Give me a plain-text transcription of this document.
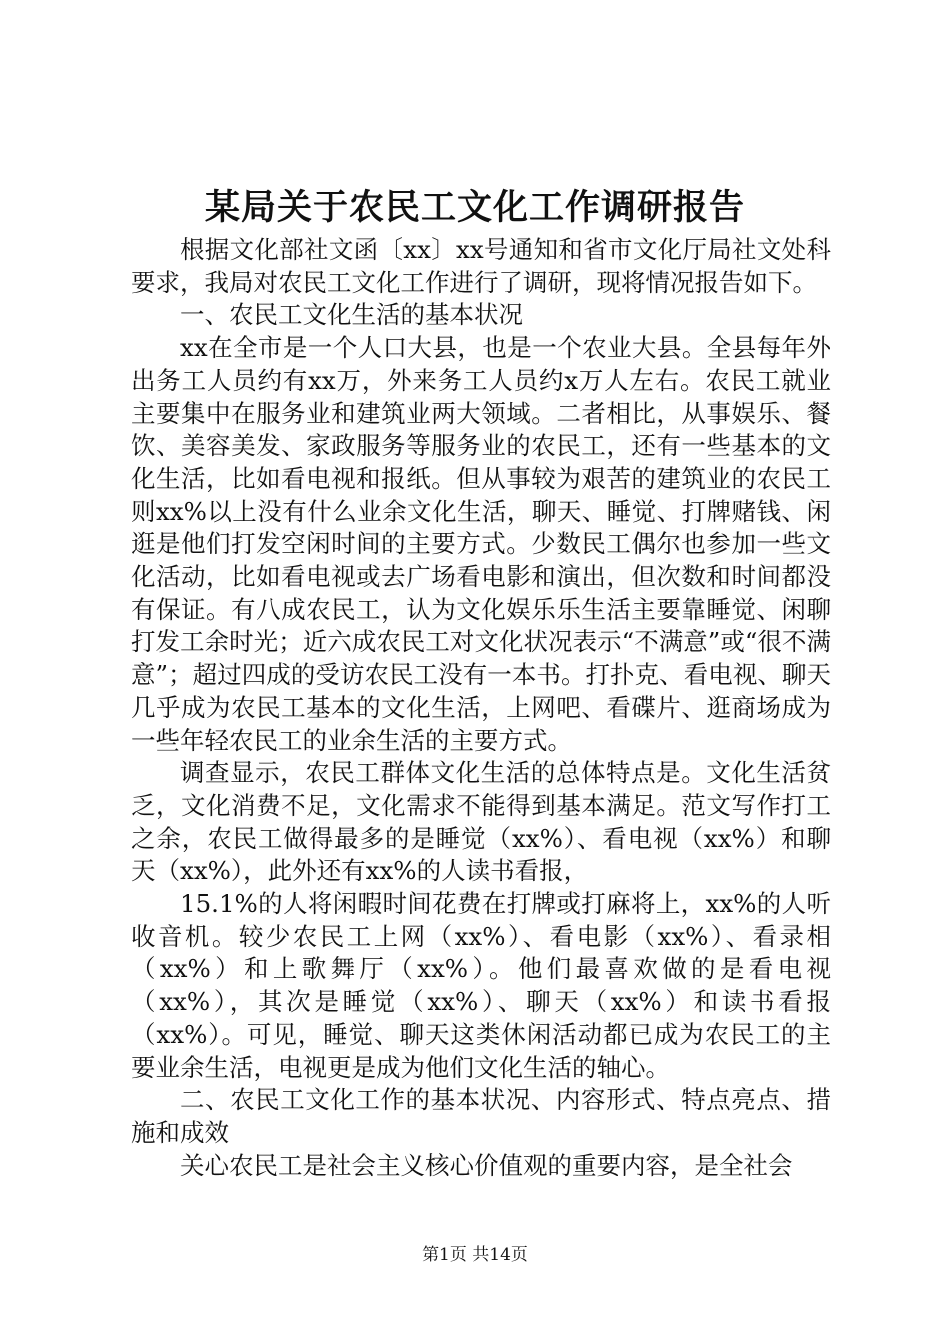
某局关于农民工文化工作调研报告

根据文化部社文函〔xx〕xx号通知和省市文化厅局社文处科要求，我局对农民工文化工作进行了调研，现将情况报告如下。

一、农民工文化生活的基本状况

xx在全市是一个人口大县，也是一个农业大县。全县每年外出务工人员约有xx万，外来务工人员约x万人左右。农民工就业主要集中在服务业和建筑业两大领域。二者相比，从事娱乐、餐饮、美容美发、家政服务等服务业的农民工，还有一些基本的文化生活，比如看电视和报纸。但从事较为艰苦的建筑业的农民工则xx%以上没有什么业余文化生活，聊天、睡觉、打牌赌钱、闲逛是他们打发空闲时间的主要方式。少数民工偶尔也参加一些文化活动，比如看电视或去广场看电影和演出，但次数和时间都没有保证。有八成农民工，认为文化娱乐乐生活主要靠睡觉、闲聊打发工余时光；近六成农民工对文化状况表示“不满意”或“很不满意”；超过四成的受访农民工没有一本书。打扑克、看电视、聊天几乎成为农民工基本的文化生活，上网吧、看碟片、逛商场成为一些年轻农民工的业余生活的主要方式。

调查显示，农民工群体文化生活的总体特点是。文化生活贫乏，文化消费不足，文化需求不能得到基本满足。范文写作打工之余，农民工做得最多的是睡觉（xx%）、看电视（xx%）和聊天（xx%），此外还有xx%的人读书看报，

15.1%的人将闲暇时间花费在打牌或打麻将上，xx%的人听收音机。较少农民工上网（xx%）、看电影（xx%）、看录相（xx%）和上歌舞厅（xx%）。他们最喜欢做的是看电视（xx%），其次是睡觉（xx%）、聊天（xx%）和读书看报（xx%）。可见，睡觉、聊天这类休闲活动都已成为农民工的主要业余生活，电视更是成为他们文化生活的轴心。

二、农民工文化工作的基本状况、内容形式、特点亮点、措施和成效

关心农民工是社会主义核心价值观的重要内容，是全社会

第1页 共14页
